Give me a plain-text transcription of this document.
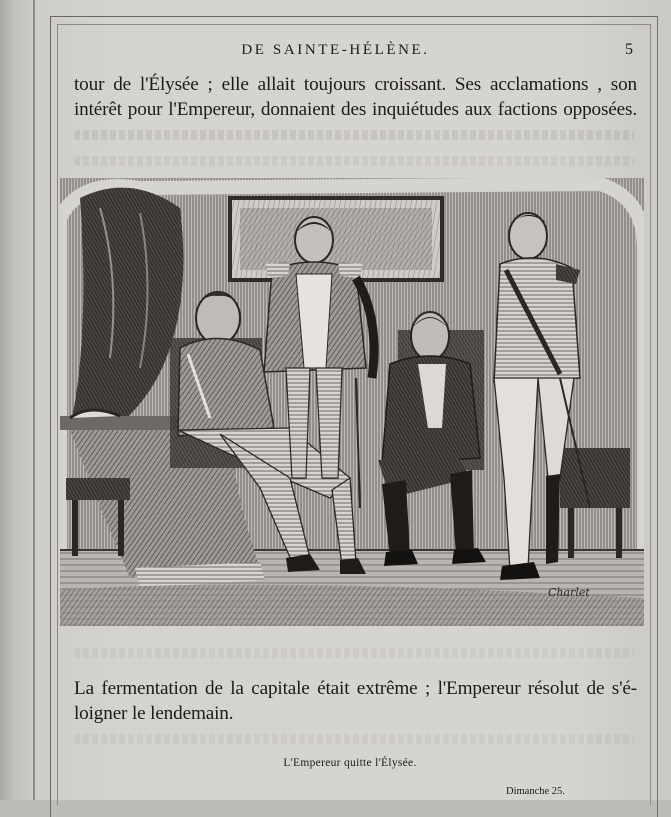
DE SAINTE-HÉLÈNE.	5
tour de l'Élysée ; elle allait toujours croissant. Ses acclamations , son
intérêt pour l'Empereur, donnaient des inquiétudes aux factions opposées.
Charlet
La fermentation de la capitale était extrême ; l'Empereur résolut de s'é-
loigner le lendemain.
L'Empereur quitte l'Élysée.
Dimanche 25.
